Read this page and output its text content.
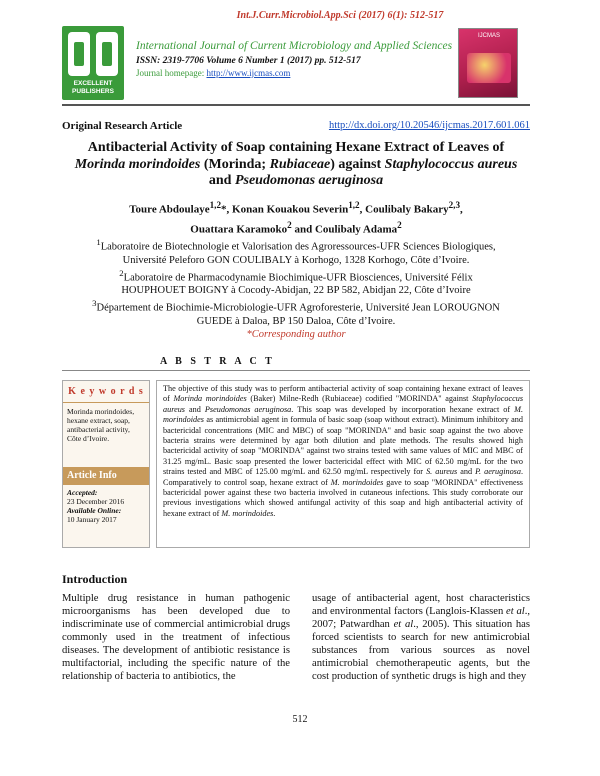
Int.J.Curr.Microbiol.App.Sci (2017) 6(1): 512-517
EXCELLENT
PUBLISHERS
International Journal of Current Microbiology and Applied Sciences
ISSN: 2319-7706 Volume 6 Number 1 (2017) pp. 512-517
Journal homepage: http://www.ijcmas.com
IJCMAS
Original Research Article	http://dx.doi.org/10.20546/ijcmas.2017.601.061
Antibacterial Activity of Soap containing Hexane Extract of Leaves of
Morinda morindoides (Morinda; Rubiaceae) against Staphylococcus aureus
and Pseudomonas aeruginosa
Toure Abdoulaye$^{1,2}$*, Konan Kouakou Severin$^{1,2}$, Coulibaly Bakary$^{2,3}$,
Ouattara Karamoko$^2$ and Coulibaly Adama$^2$
$^1$Laboratoire de Biotechnologie et Valorisation des Agroressources-UFR Sciences Biologiques,
Université Peleforo GON COULIBALY à Korhogo, 1328 Korhogo, Côte d’Ivoire.
$^2$Laboratoire de Pharmacodynamie Biochimique-UFR Biosciences, Université Félix
HOUPHOUET BOIGNY à Cocody-Abidjan, 22 BP 582, Abidjan 22, Côte d’Ivoire
$^3$Département de Biochimie-Microbiologie-UFR Agroforesterie, Université Jean LOROUGNON
GUEDE à Daloa, BP 150 Daloa, Côte d’Ivoire.
*Corresponding author
A B S T R A C T
K e y w o r d s
Morinda morindoides, hexane extract, soap, antibacterial activity, Côte d’Ivoire.
Article Info
Accepted:
23 December 2016
Available Online:
10 January 2017
The objective of this study was to perform antibacterial activity of soap containing hexane extract of leaves of Morinda morindoides (Baker) Milne-Redh (Rubiaceae) codified "MORINDA" against Staphylococcus aureus and Pseudomonas aeruginosa. This soap was developed by incorporation hexane extract of M. morindoides as antimicrobial agent in formula of basic soap (soap without extract). Minimum inhibitory and bactericidal concentrations (MIC and MBC) of soap "MORINDA" and basic soap against the two above bacteria strains were determined by agar both dilution and plate methods. The results showed high bactericidal activity of soap "MORINDA" against two strains tested with same values of MIC and MBC of 31.25 mg/mL. Basic soap presented the lower bactericidal effect with MIC of 62.50 mg/mL for the two strains tested and MBC of 125.00 mg/mL and 62.50 mg/mL respectively for S. aureus and P. aeruginosa. Comparatively to control soap, hexane extract of M. morindoides gave to soap "MORINDA" effectiveness bactericidal power against these two bacteria involved in cutaneous infections. This study corroborate our previous investigations which showed antifungal activity of this soap and high antibacterial activity of hexane extract of M. morindoides.
Introduction
Multiple drug resistance in human pathogenic microorganisms has been developed due to indiscriminate use of commercial antimicrobial drugs commonly used in the treatment of infectious diseases. The development of antibiotic resistance is multifactorial, including the specific nature of the relationship of bacteria to antibiotics, the
usage of antibacterial agent, host characteristics and environmental factors (Langlois-Klassen et al., 2007; Patwardhan et al., 2005). This situation has forced scientists to search for new antimicrobial substances from various sources as novel antimicrobial chemotherapeutic agents, but the cost production of synthetic drugs is high and they
512
